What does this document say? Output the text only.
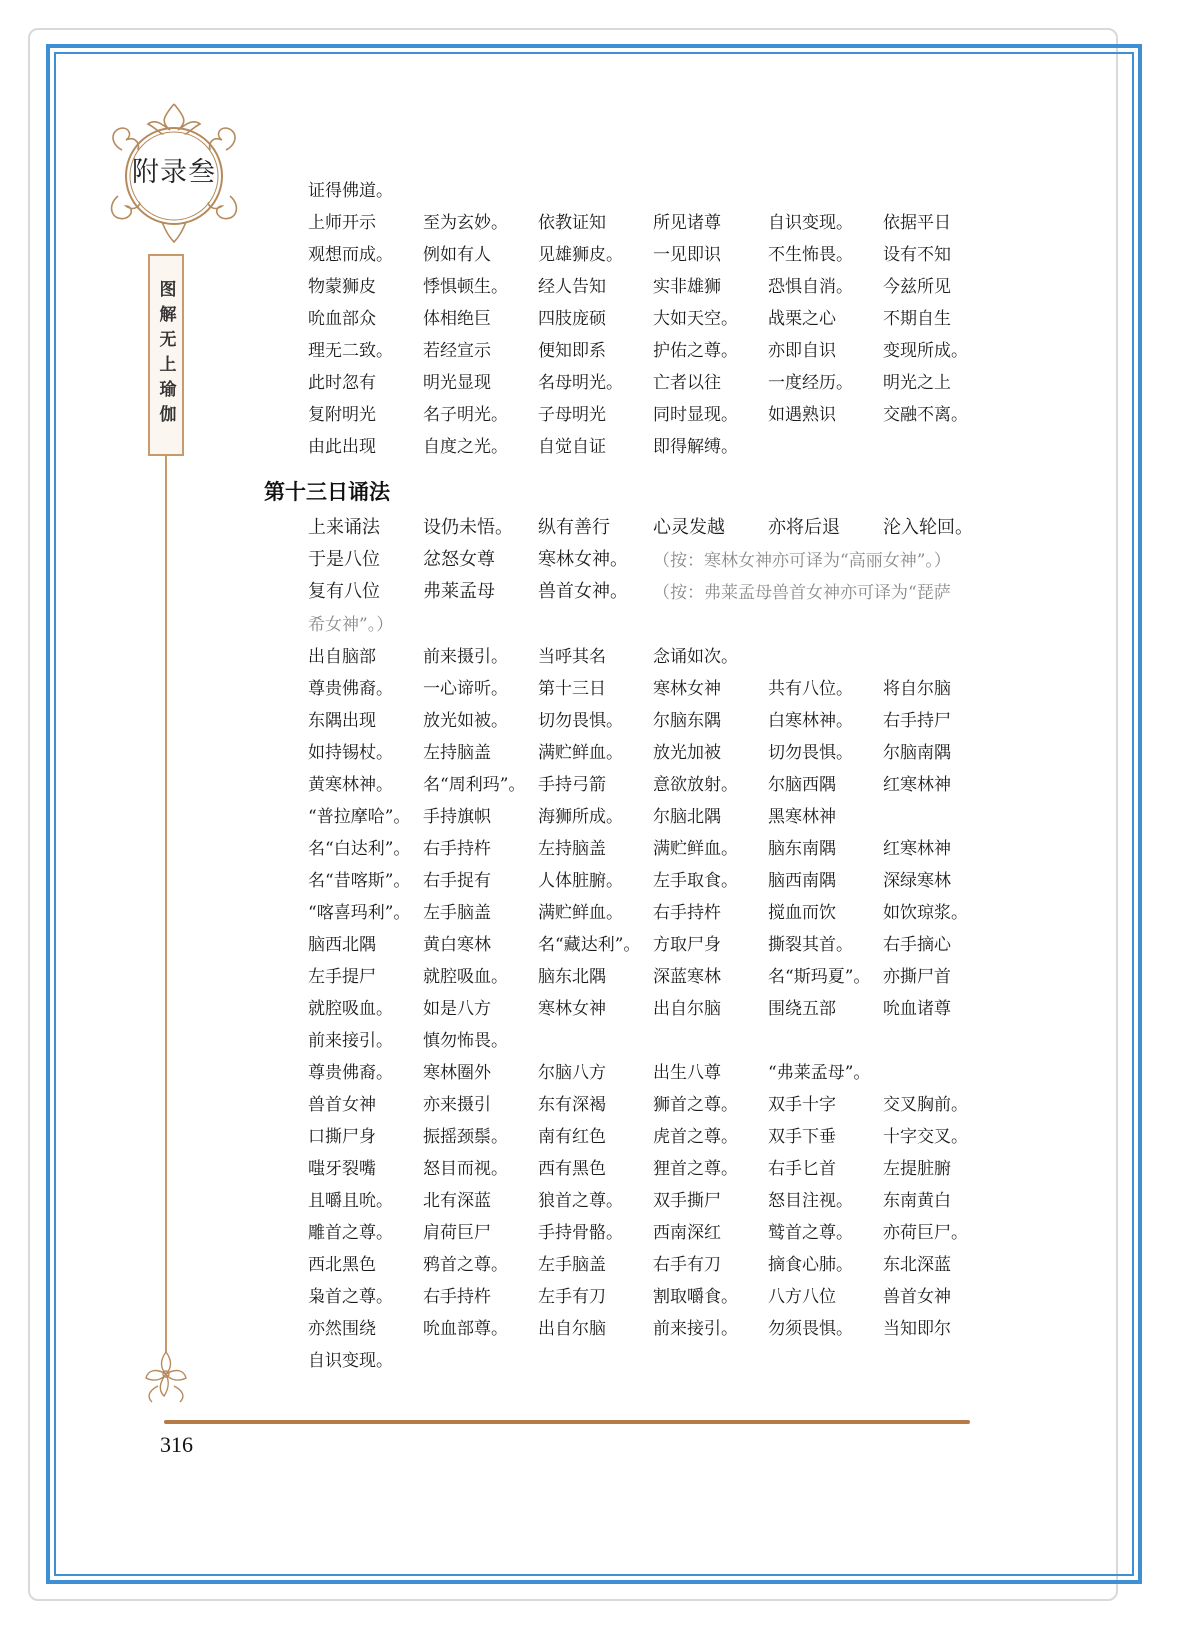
附录叁
图解无上瑜伽
证得佛道。
上师开示	至为玄妙。	依教证知	所见诸尊	自识变现。	依据平日
观想而成。	例如有人	见雄狮皮。	一见即识	不生怖畏。	设有不知
物蒙狮皮	悸惧顿生。	经人告知	实非雄狮	恐惧自消。	今兹所见
吮血部众	体相绝巨	四肢庞硕	大如天空。	战栗之心	不期自生
理无二致。	若经宣示	便知即系	护佑之尊。	亦即自识	变现所成。
此时忽有	明光显现	名母明光。	亡者以往	一度经历。	明光之上
复附明光	名子明光。	子母明光	同时显现。	如遇熟识	交融不离。
由此出现	自度之光。	自觉自证	即得解缚。
第十三日诵法
上来诵法	设仍未悟。	纵有善行	心灵发越	亦将后退	沦入轮回。
于是八位	忿怒女尊	寒林女神。	（按：寒林女神亦可译为“高丽女神”。）
复有八位	弗莱孟母	兽首女神。	（按：弗莱孟母兽首女神亦可译为“琵萨
希女神”。）
出自脑部	前来摄引。	当呼其名	念诵如次。
尊贵佛裔。	一心谛听。	第十三日	寒林女神	共有八位。	将自尔脑
东隅出现	放光如被。	切勿畏惧。	尔脑东隅	白寒林神。	右手持尸
如持锡杖。	左持脑盖	满贮鲜血。	放光加被	切勿畏惧。	尔脑南隅
黄寒林神。	名“周利玛”。 手持弓箭	意欲放射。	尔脑西隅	红寒林神
“普拉摩哈”。 手持旗帜	海狮所成。	尔脑北隅	黑寒林神
名“白达利”。 右手持杵	左持脑盖	满贮鲜血。	脑东南隅	红寒林神
名“昔喀斯”。 右手捉有	人体脏腑。	左手取食。	脑西南隅	深绿寒林
“喀喜玛利”。 左手脑盖	满贮鲜血。	右手持杵	搅血而饮	如饮琼浆。
脑西北隅	黄白寒林	名“藏达利”。 方取尸身	撕裂其首。	右手摘心
左手提尸	就腔吸血。	脑东北隅	深蓝寒林	名“斯玛夏”。 亦撕尸首
就腔吸血。	如是八方	寒林女神	出自尔脑	围绕五部	吮血诸尊
前来接引。	慎勿怖畏。
尊贵佛裔。	寒林圈外	尔脑八方	出生八尊	“弗莱孟母”。
兽首女神	亦来摄引	东有深褐	狮首之尊。	双手十字	交叉胸前。
口撕尸身	振摇颈鬃。	南有红色	虎首之尊。	双手下垂	十字交叉。
嗤牙裂嘴	怒目而视。	西有黑色	狸首之尊。	右手匕首	左提脏腑
且嚼且吮。	北有深蓝	狼首之尊。	双手撕尸	怒目注视。	东南黄白
雕首之尊。	肩荷巨尸	手持骨骼。	西南深红	鹫首之尊。	亦荷巨尸。
西北黑色	鸦首之尊。	左手脑盖	右手有刀	摘食心肺。	东北深蓝
枭首之尊。	右手持杵	左手有刀	割取嚼食。	八方八位	兽首女神
亦然围绕	吮血部尊。	出自尔脑	前来接引。	勿须畏惧。	当知即尔
自识变现。
316
